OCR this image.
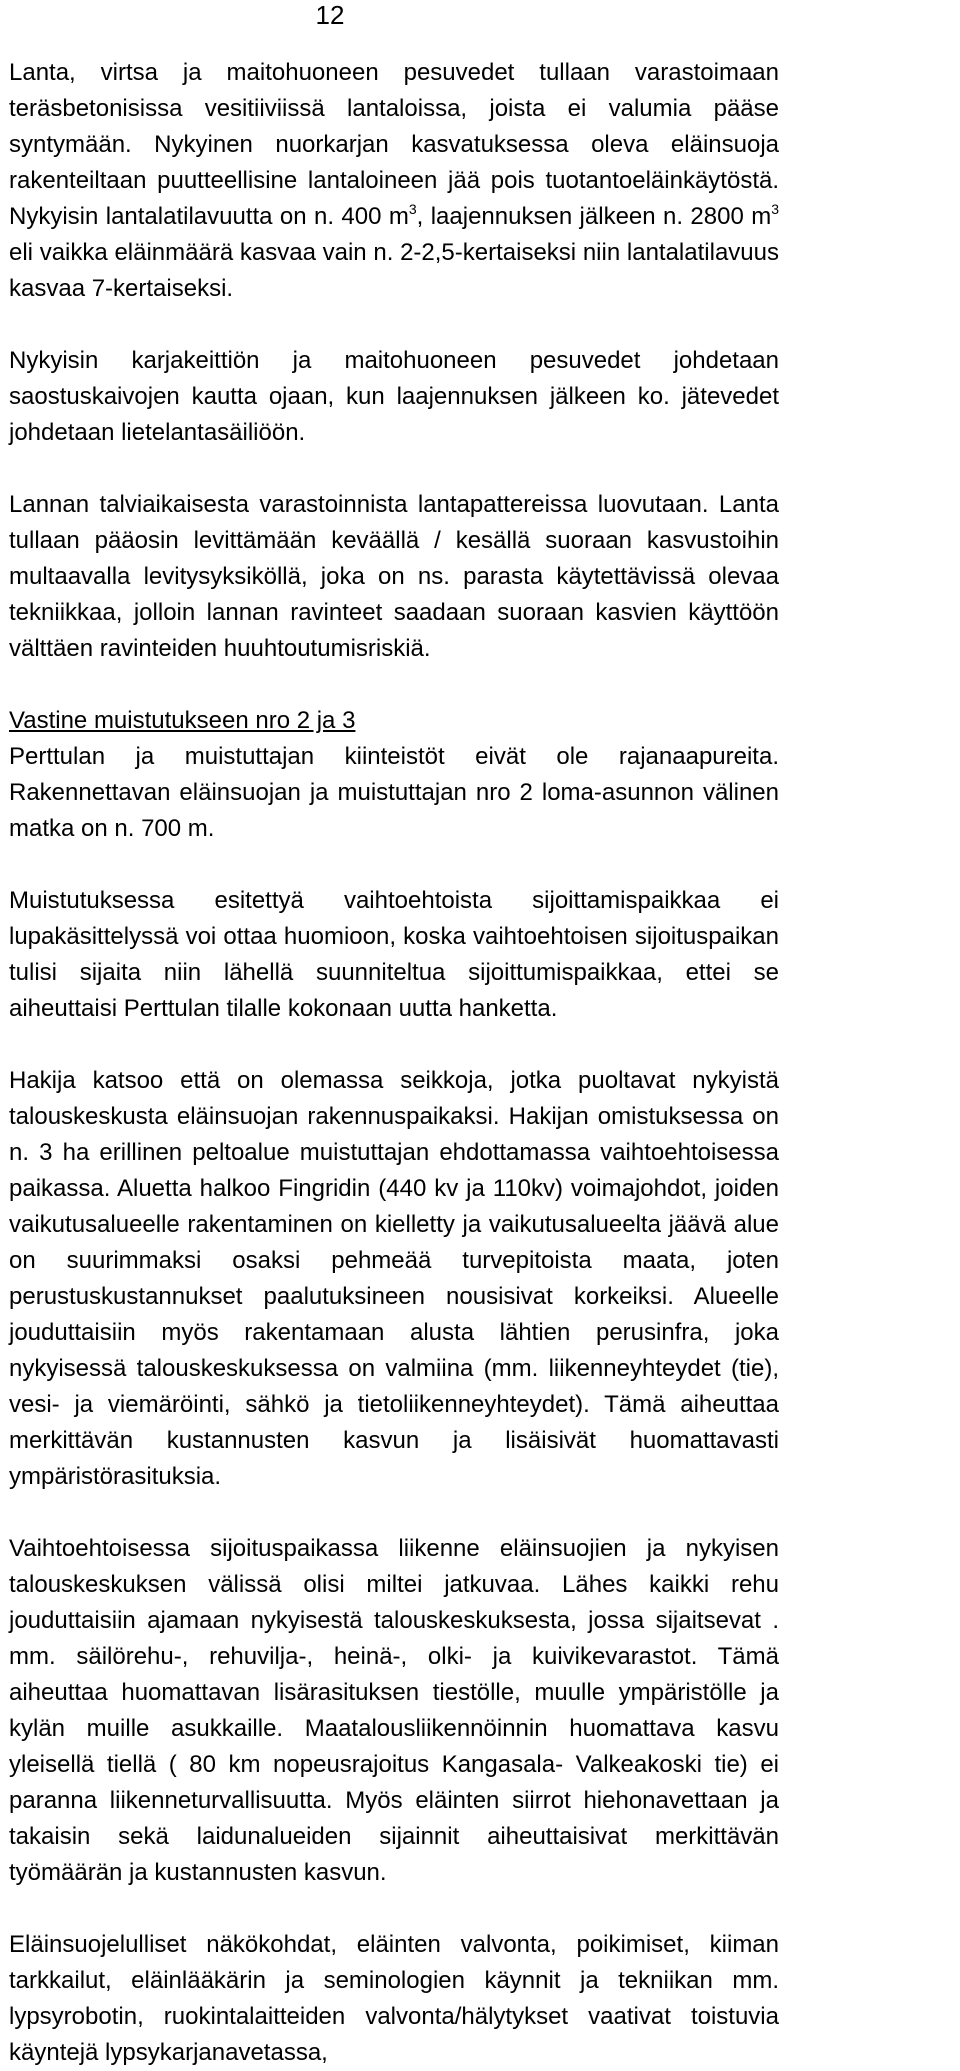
12

Lanta, virtsa ja maitohuoneen pesuvedet tullaan varastoimaan teräsbetonisissa vesitiiviissä lantaloissa, joista ei valumia pääse syntymään. Nykyinen nuorkarjan kasvatuksessa oleva eläinsuoja rakenteiltaan puutteellisine lantaloineen jää pois tuotantoeläinkäytöstä. Nykyisin lantalatilavuutta on n. 400 $m^3$, laajennuksen jälkeen n. 2800 $m^3$ eli vaikka eläinmäärä kasvaa vain n. 2-2,5-kertaiseksi niin lantalatilavuus kasvaa 7-kertaiseksi.

Nykyisin karjakeittiön ja maitohuoneen pesuvedet johdetaan saostuskaivojen kautta ojaan, kun laajennuksen jälkeen ko. jätevedet johdetaan lietelantasäiliöön.

Lannan talviaikaisesta varastoinnista lantapattereissa luovutaan. Lanta tullaan pääosin levittämään keväällä / kesällä suoraan kasvustoihin multaavalla levitysyksiköllä, joka on ns. parasta käytettävissä olevaa tekniikkaa, jolloin lannan ravinteet saadaan suoraan kasvien käyttöön välttäen ravinteiden huuhtoutumisriskiä.

Vastine muistutukseen nro 2 ja 3

Perttulan ja muistuttajan kiinteistöt eivät ole rajanaapureita. Rakennettavan eläinsuojan ja muistuttajan nro 2 loma-asunnon välinen matka on n. 700 m.

Muistutuksessa esitettyä vaihtoehtoista sijoittamispaikkaa ei lupakäsittelyssä voi ottaa huomioon, koska vaihtoehtoisen sijoituspaikan tulisi sijaita niin lähellä suunniteltua sijoittumispaikkaa, ettei se aiheuttaisi Perttulan tilalle kokonaan uutta hanketta.

Hakija katsoo että on olemassa seikkoja, jotka puoltavat nykyistä talouskeskusta eläinsuojan rakennuspaikaksi. Hakijan omistuksessa on n. 3 ha erillinen peltoalue muistuttajan ehdottamassa vaihtoehtoisessa paikassa. Aluetta halkoo Fingridin (440 kv ja 110kv) voimajohdot, joiden vaikutusalueelle rakentaminen on kielletty ja vaikutusalueelta jäävä alue on suurimmaksi osaksi pehmeää turvepitoista maata, joten perustuskustannukset paalutuksineen nousisivat korkeiksi. Alueelle jouduttaisiin myös rakentamaan alusta lähtien perusinfra, joka nykyisessä talouskeskuksessa on valmiina (mm. liikenneyhteydet (tie), vesi- ja viemäröinti, sähkö ja tietoliikenneyhteydet). Tämä aiheuttaa merkittävän kustannusten kasvun ja lisäisivät huomattavasti ympäristörasituksia.

Vaihtoehtoisessa sijoituspaikassa liikenne eläinsuojien ja nykyisen talouskeskuksen välissä olisi miltei jatkuvaa. Lähes kaikki rehu jouduttaisiin ajamaan nykyisestä talouskeskuksesta, jossa sijaitsevat . mm. säilörehu-, rehuvilja-, heinä-, olki- ja kuivikevarastot. Tämä aiheuttaa huomattavan lisärasituksen tiestölle, muulle ympäristölle ja kylän muille asukkaille. Maatalousliikennöinnin huomattava kasvu yleisellä tiellä ( 80 km nopeusrajoitus Kangasala- Valkeakoski tie) ei paranna liikenneturvallisuutta. Myös eläinten siirrot hiehonavettaan ja takaisin sekä laidunalueiden sijainnit aiheuttaisivat merkittävän työmäärän ja kustannusten kasvun.

Eläinsuojelulliset näkökohdat, eläinten valvonta, poikimiset, kiiman tarkkailut, eläinlääkärin ja seminologien käynnit ja tekniikan mm. lypsyrobotin, ruokintalaitteiden valvonta/hälytykset vaativat toistuvia käyntejä lypsykarjanavetassa,
